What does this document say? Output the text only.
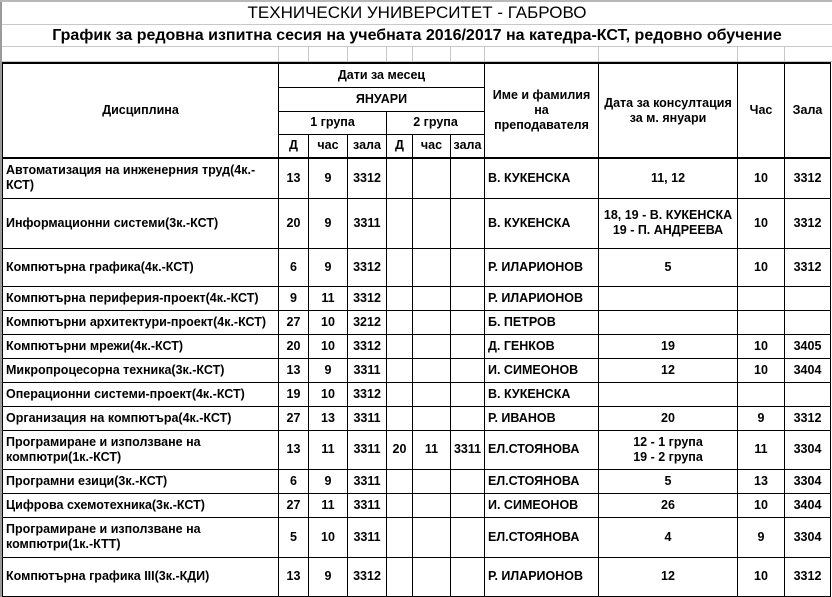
ТЕХНИЧЕСКИ УНИВЕРСИТЕТ - ГАБРОВО
График за редовна изпитна сесия на учебната 2016/2017 на катедра-КСТ, редовно обучение
Дисциплина	Дати за месец						Име и фамилия на преподавателя	Дата за консултация за м. януари	Час	Зала
	ЯНУАРИ									
	1 група			2 група						
	Д	час	зала	Д	час	зала				
Автоматизация на инженерния труд(4к.-КСТ)	13	9	3312				В. КУКЕНСКА	11, 12	10	3312
Информационни системи(3к.-КСТ)	20	9	3311				В. КУКЕНСКА	18, 19 - В. КУКЕНСКА
19 - П. АНДРЕЕВА	10	3312
Компютърна графика(4к.-КСТ)	6	9	3312				Р. ИЛАРИОНОВ	5	10	3312
Компютърна периферия-проект(4к.-КСТ)	9	11	3312				Р. ИЛАРИОНОВ			
Компютърни архитектури-проект(4к.-КСТ)	27	10	3212				Б. ПЕТРОВ			
Компютърни мрежи(4к.-КСТ)	20	10	3312				Д. ГЕНКОВ	19	10	3405
Микропроцесорна техника(3к.-КСТ)	13	9	3311				И. СИМЕОНОВ	12	10	3404
Операционни системи-проект(4к.-КСТ)	19	10	3312				В. КУКЕНСКА			
Организация на компютъра(4к.-КСТ)	27	13	3311				Р. ИВАНОВ	20	9	3312
Програмиране и използване на компютри(1к.-КСТ)	13	11	3311	20	11	3311	ЕЛ.СТОЯНОВА	12 - 1 група
19 - 2 група	11	3304
Програмни езици(3к.-КСТ)	6	9	3311				ЕЛ.СТОЯНОВА	5	13	3304
Цифрова схемотехника(3к.-КСТ)	27	11	3311				И. СИМЕОНОВ	26	10	3404
Програмиране и използване на компютри(1к.-КТТ)	5	10	3311				ЕЛ.СТОЯНОВА	4	9	3304
Компютърна графика III(3к.-КДИ)	13	9	3312				Р. ИЛАРИОНОВ	12	10	3312
